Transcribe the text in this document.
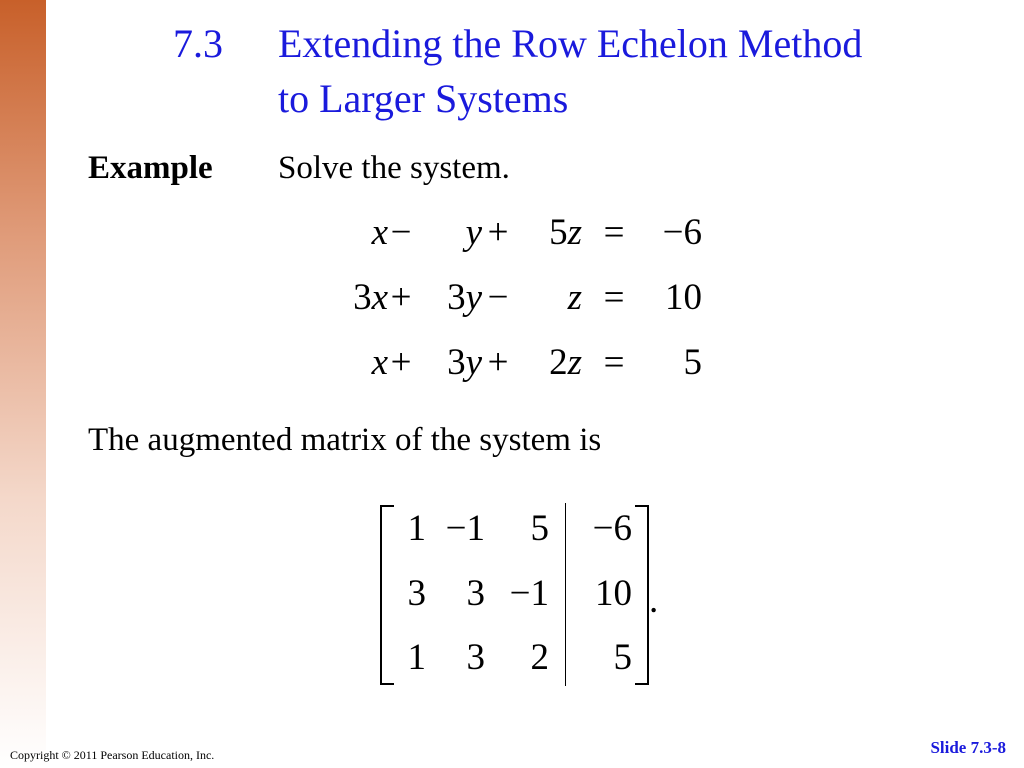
7.3 Extending the Row Echelon Method
to Larger Systems
Example Solve the system.
x − y + 5z = −6
3x + 3y − z = 10
x + 3y + 2z = 5
The augmented matrix of the system is
1 −1 5 −6
3 3 −1 10
1 3 2 5
.
Copyright © 2011 Pearson Education, Inc.	Slide 7.3-8
